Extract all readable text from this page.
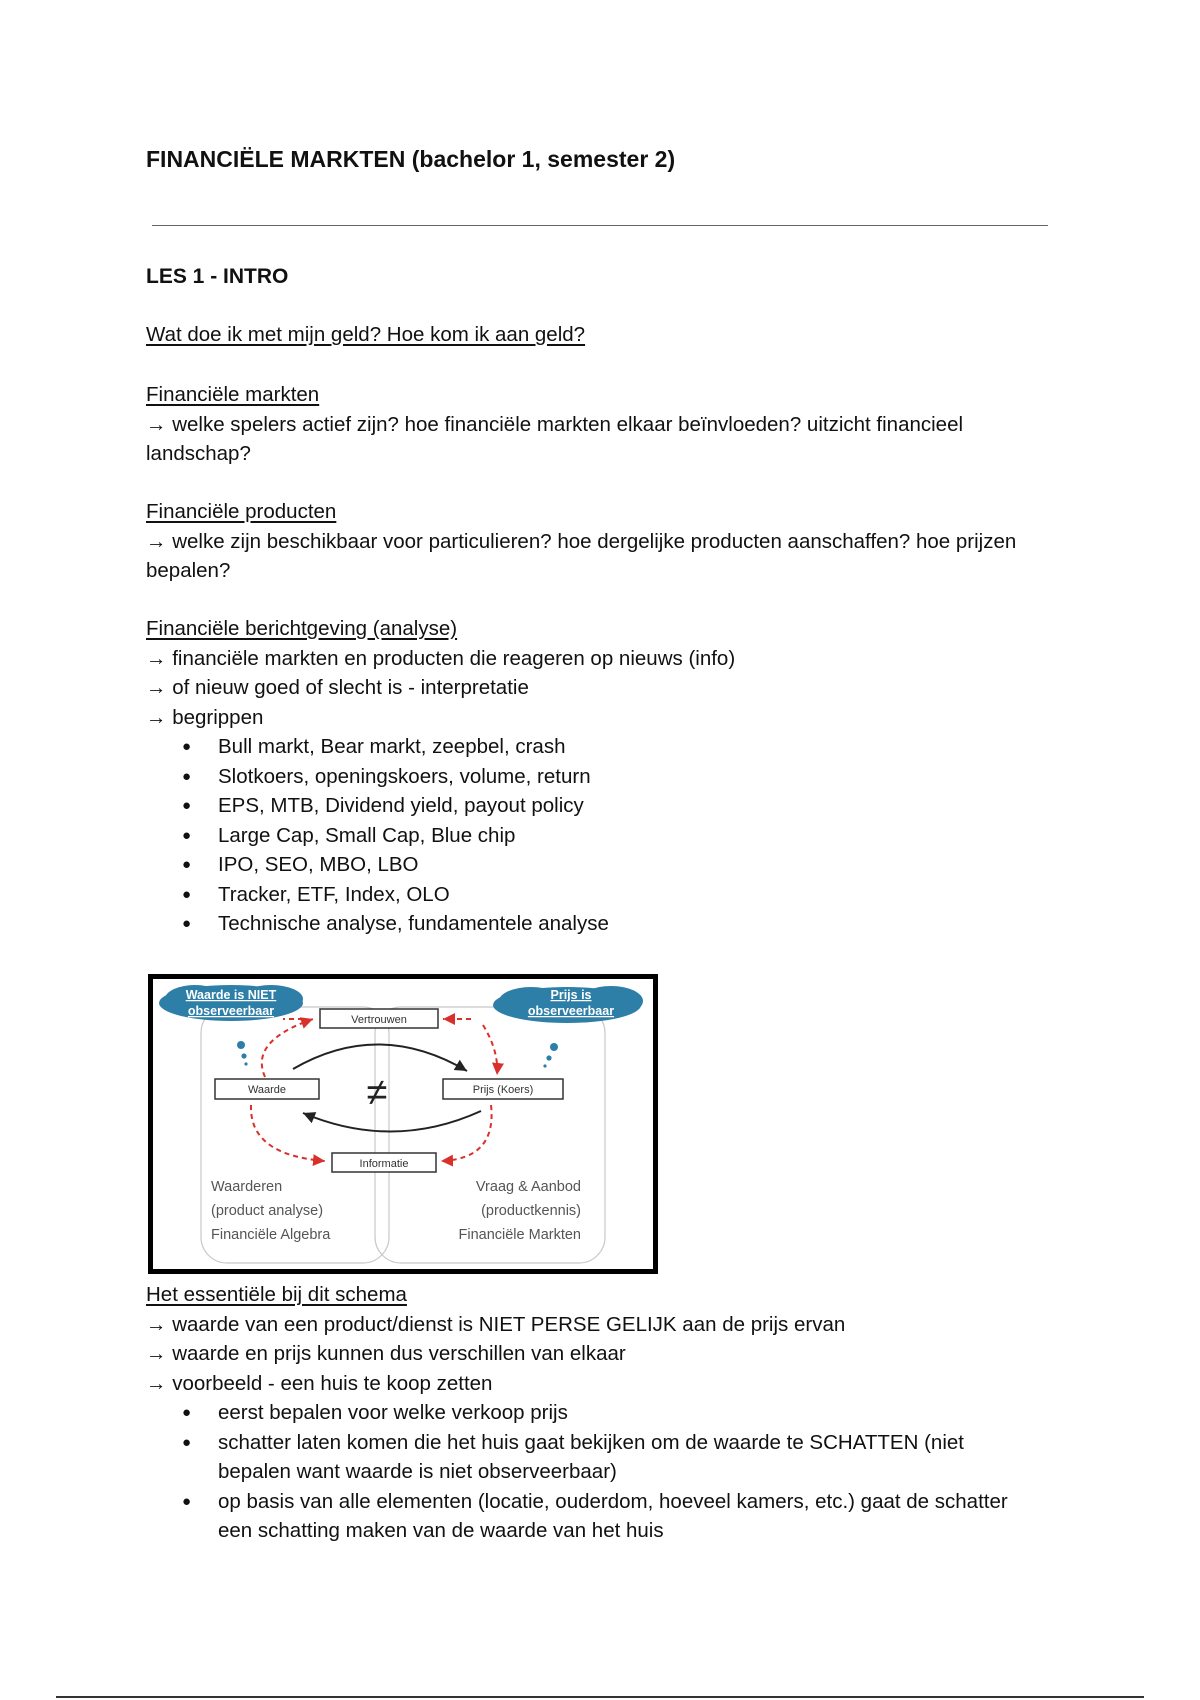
FINANCIËLE MARKTEN (bachelor 1, semester 2)
LES 1 - INTRO
Wat doe ik met mijn geld? Hoe kom ik aan geld?
Financiële markten
→ welke spelers actief zijn? hoe financiële markten elkaar beïnvloeden? uitzicht financieel landschap?
Financiële producten
→ welke zijn beschikbaar voor particulieren? hoe dergelijke producten aanschaffen? hoe prijzen bepalen?
Financiële berichtgeving (analyse)
→ financiële markten en producten die reageren op nieuws (info)
→ of nieuw goed of slecht is - interpretatie
→ begrippen
● Bull markt, Bear markt, zeepbel, crash
● Slotkoers, openingskoers, volume, return
● EPS, MTB, Dividend yield, payout policy
● Large Cap, Small Cap, Blue chip
● IPO, SEO, MBO, LBO
● Tracker, ETF, Index, OLO
● Technische analyse, fundamentele analyse
Waarde is NIET
observeerbaar
Prijs is
observeerbaar
Vertrouwen
Waarde	Prijs (Koers)
Informatie
≠
Waarderen
(product analyse)
Financiële Algebra
Vraag & Aanbod
(productkennis)
Financiële Markten
Het essentiële bij dit schema
→ waarde van een product/dienst is NIET PERSE GELIJK aan de prijs ervan
→ waarde en prijs kunnen dus verschillen van elkaar
→ voorbeeld - een huis te koop zetten
● eerst bepalen voor welke verkoop prijs
● schatter laten komen die het huis gaat bekijken om de waarde te SCHATTEN (niet bepalen want waarde is niet observeerbaar)
● op basis van alle elementen (locatie, ouderdom, hoeveel kamers, etc.) gaat de schatter een schatting maken van de waarde van het huis
